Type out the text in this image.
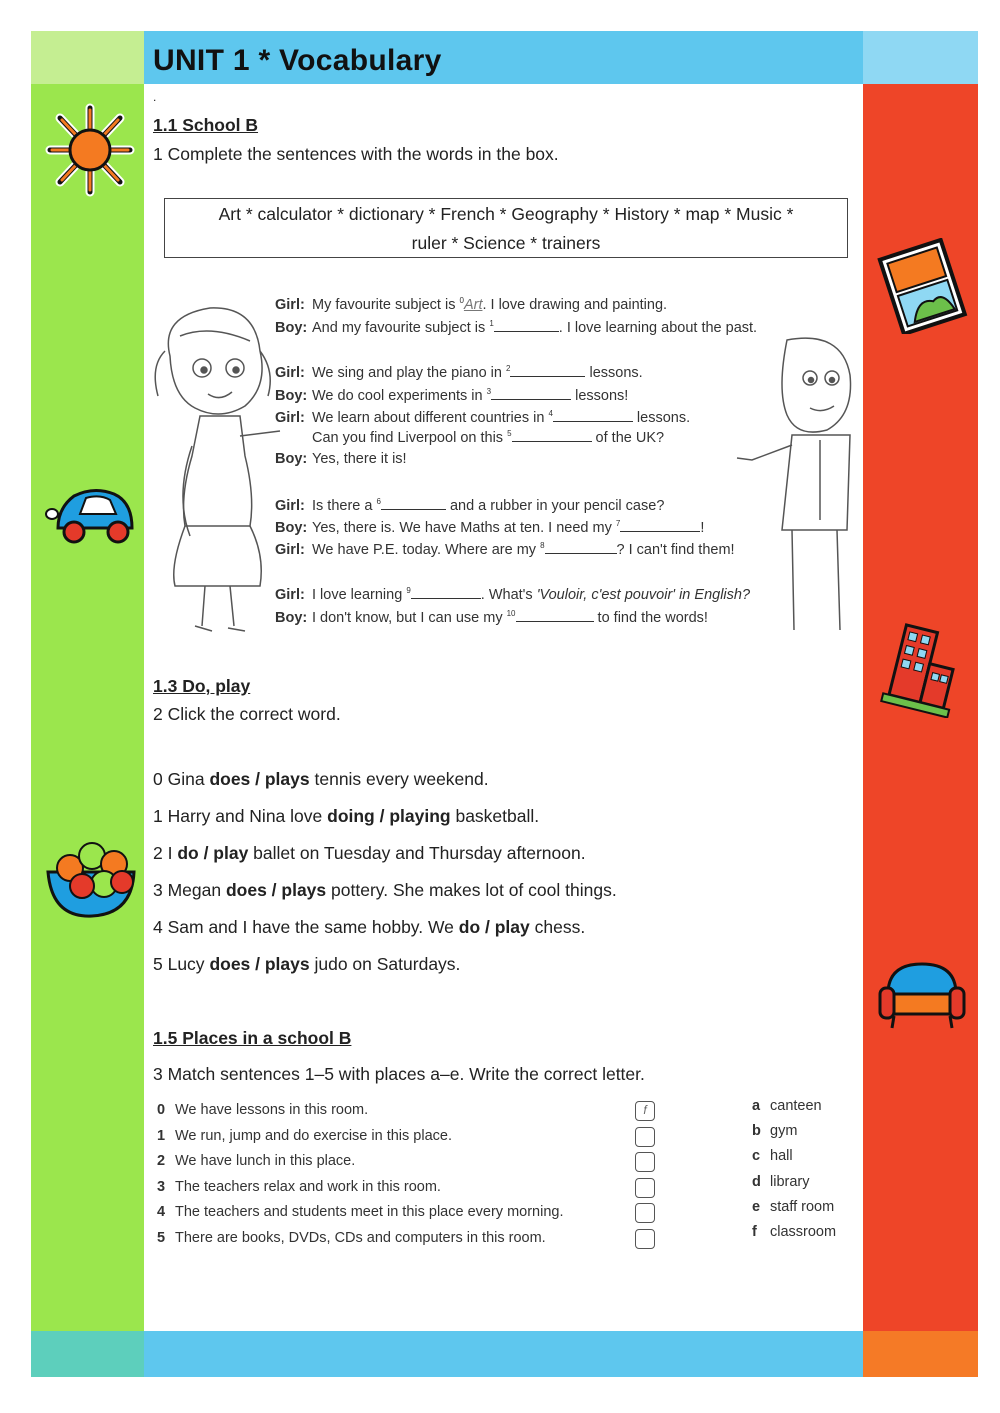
UNIT 1 * Vocabulary
.
1.1 School B
1 Complete the sentences with the words in the box.
Art * calculator * dictionary * French * Geography * History * map * Music *
ruler * Science * trainers
Girl: My favourite subject is $^0$Art. I love drawing and painting.
Boy: And my favourite subject is $^1$	. I love learning about the past.
Girl: We sing and play the piano in $^2$	lessons.
Boy: We do cool experiments in $^3$	lessons!
Girl: We learn about different countries in $^4$	lessons.
Can you find Liverpool on this $^5$	of the UK?
Boy: Yes, there it is!
Girl: Is there a $^6$	and a rubber in your pencil case?
Boy: Yes, there is. We have Maths at ten. I need my $^7$	!
Girl: We have P.E. today. Where are my $^8$	? I can't find them!
Girl: I love learning $^9$	. What's 'Vouloir, c'est pouvoir' in English?
Boy: I don't know, but I can use my $^{10}$	to find the words!
1.3 Do, play
2 Click the correct word.
0 Gina does / plays tennis every weekend.
1 Harry and Nina love doing / playing basketball.
2 I do / play ballet on Tuesday and Thursday afternoon.
3 Megan does / plays pottery. She makes lot of cool things.
4 Sam and I have the same hobby. We do / play chess.
5 Lucy does / plays judo on Saturdays.
1.5 Places in a school B
3 Match sentences 1–5 with places a–e. Write the correct letter.
0 We have lessons in this room.	f
1 We run, jump and do exercise in this place.
2 We have lunch in this place.
3 The teachers relax and work in this room.
4 The teachers and students meet in this place every morning.
5 There are books, DVDs, CDs and computers in this room.
a canteen
b gym
c hall
d library
e staff room
f classroom
